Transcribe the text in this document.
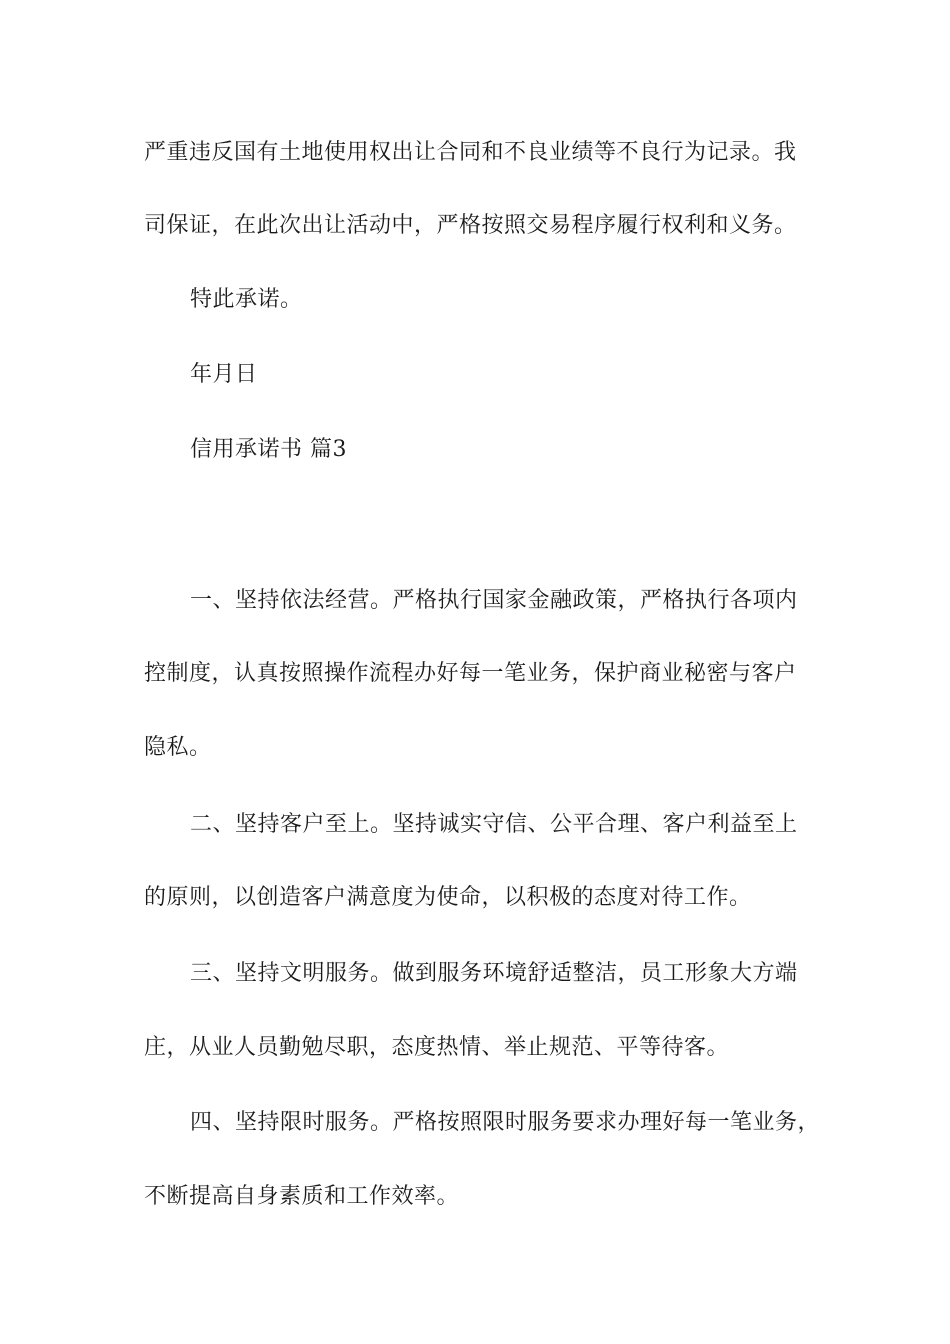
严重违反国有土地使用权出让合同和不良业绩等不良行为记录。我
司保证，在此次出让活动中，严格按照交易程序履行权利和义务。
特此承诺。
年月日
信用承诺书 篇3
一、坚持依法经营。严格执行国家金融政策，严格执行各项内
控制度，认真按照操作流程办好每一笔业务，保护商业秘密与客户
隐私。
二、坚持客户至上。坚持诚实守信、公平合理、客户利益至上
的原则，以创造客户满意度为使命，以积极的态度对待工作。
三、坚持文明服务。做到服务环境舒适整洁，员工形象大方端
庄，从业人员勤勉尽职，态度热情、举止规范、平等待客。
四、坚持限时服务。严格按照限时服务要求办理好每一笔业务，
不断提高自身素质和工作效率。
